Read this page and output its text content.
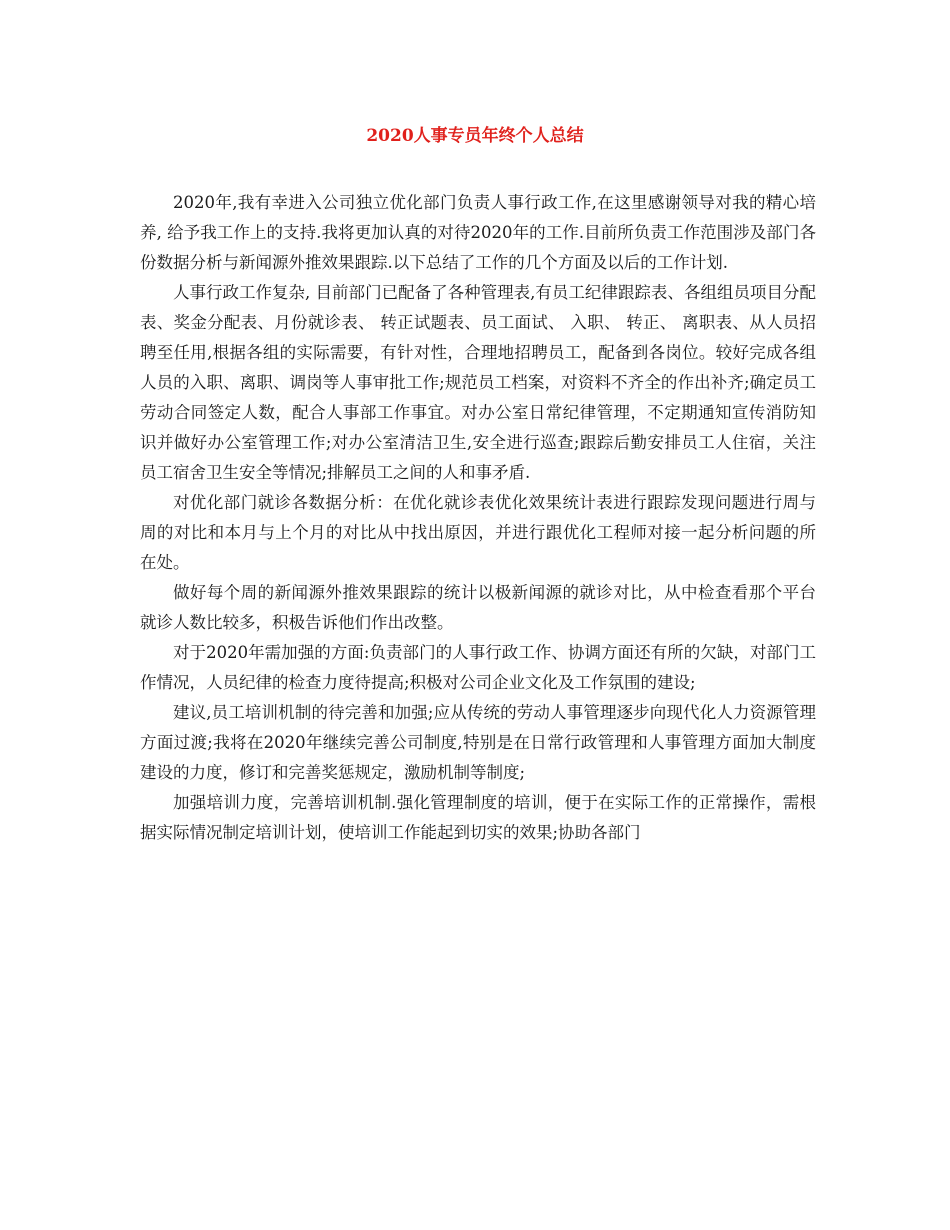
2020人事专员年终个人总结

2020年,我有幸进入公司独立优化部门负责人事行政工作,在这里感谢领导对我的精心培养, 给予我工作上的支持.我将更加认真的对待2020年的工作.目前所负责工作范围涉及部门各份数据分析与新闻源外推效果跟踪.以下总结了工作的几个方面及以后的工作计划.

人事行政工作复杂, 目前部门已配备了各种管理表,有员工纪律跟踪表、各组组员项目分配表、奖金分配表、月份就诊表、 转正试题表、员工面试、 入职、 转正、 离职表、从人员招聘至任用,根据各组的实际需要，有针对性，合理地招聘员工，配备到各岗位。较好完成各组人员的入职、离职、调岗等人事审批工作;规范员工档案，对资料不齐全的作出补齐;确定员工劳动合同签定人数，配合人事部工作事宜。对办公室日常纪律管理，不定期通知宣传消防知识并做好办公室管理工作;对办公室清洁卫生,安全进行巡查;跟踪后勤安排员工人住宿，关注员工宿舍卫生安全等情况;排解员工之间的人和事矛盾.

对优化部门就诊各数据分析：在优化就诊表优化效果统计表进行跟踪发现问题进行周与周的对比和本月与上个月的对比从中找出原因，并进行跟优化工程师对接一起分析问题的所在处。

做好每个周的新闻源外推效果跟踪的统计以极新闻源的就诊对比，从中检查看那个平台就诊人数比较多，积极告诉他们作出改整。

对于2020年需加强的方面:负责部门的人事行政工作、协调方面还有所的欠缺，对部门工作情况，人员纪律的检查力度待提高;积极对公司企业文化及工作氛围的建设;

建议,员工培训机制的待完善和加强;应从传统的劳动人事管理逐步向现代化人力资源管理方面过渡;我将在2020年继续完善公司制度,特别是在日常行政管理和人事管理方面加大制度建设的力度，修订和完善奖惩规定，激励机制等制度;

加强培训力度，完善培训机制.强化管理制度的培训，便于在实际工作的正常操作，需根据实际情况制定培训计划，使培训工作能起到切实的效果;协助各部门
